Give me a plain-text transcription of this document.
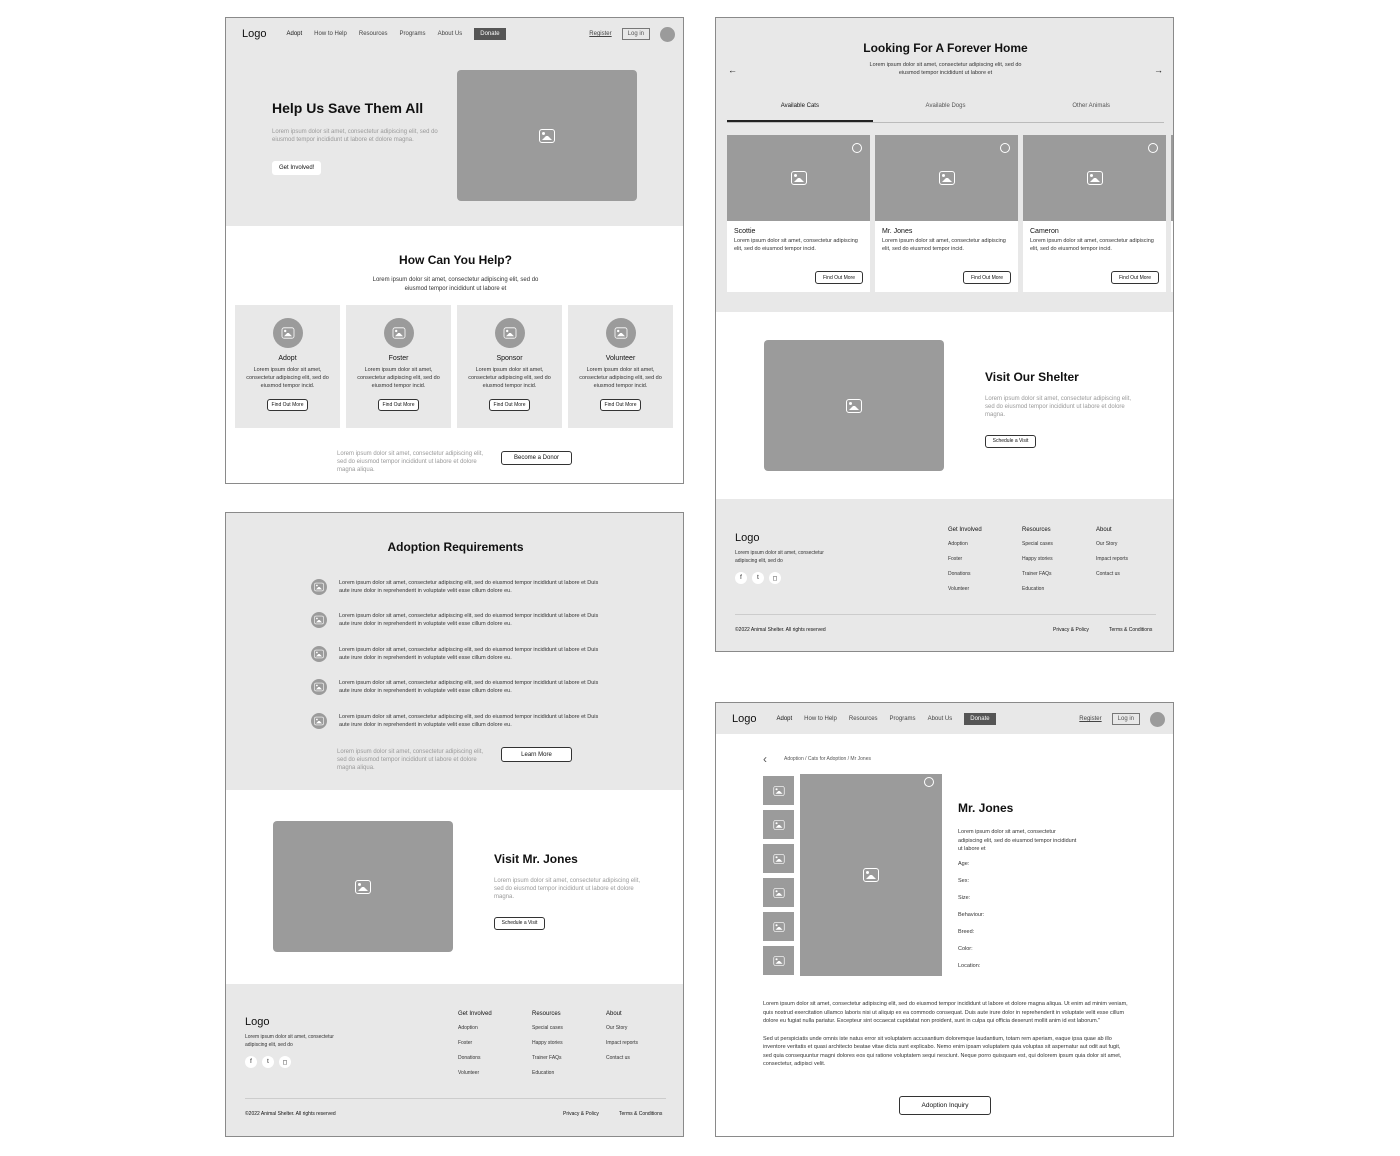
Logo	Adopt How to Help Resources Programs About Us	Donate	Register	Log in
Help Us Save Them All
Lorem ipsum dolor sit amet, consectetur adipiscing elit, sed do eiusmod tempor incididunt ut labore et dolore magna.
Get Involved!
How Can You Help?
Lorem ipsum dolor sit amet, consectetur adipiscing elit, sed do eiusmod tempor incididunt ut labore et
Adopt
Lorem ipsum dolor sit amet, consectetur adipiscing elit, sed do eiusmod tempor incid.
Find Out More
Foster
Lorem ipsum dolor sit amet, consectetur adipiscing elit, sed do eiusmod tempor incid.
Find Out More
Sponsor
Lorem ipsum dolor sit amet, consectetur adipiscing elit, sed do eiusmod tempor incid.
Find Out More
Volunteer
Lorem ipsum dolor sit amet, consectetur adipiscing elit, sed do eiusmod tempor incid.
Find Out More
Lorem ipsum dolor sit amet, consectetur adipiscing elit, sed do eiusmod tempor incididunt ut labore et dolore magna aliqua.
Become a Donor
Looking For A Forever Home
Lorem ipsum dolor sit amet, consectetur adipiscing elit, sed do eiusmod tempor incididunt ut labore et
←	→
Available Cats	Available Dogs	Other Animals
Scottie
Lorem ipsum dolor sit amet, consectetur adipiscing elit, sed do eiusmod tempor incid.
Find Out More
Mr. Jones
Lorem ipsum dolor sit amet, consectetur adipiscing elit, sed do eiusmod tempor incid.
Find Out More
Cameron
Lorem ipsum dolor sit amet, consectetur adipiscing elit, sed do eiusmod tempor incid.
Find Out More
Visit Our Shelter
Lorem ipsum dolor sit amet, consectetur adipiscing elit, sed do eiusmod tempor incididunt ut labore et dolore magna.
Schedule a Visit
Logo
Lorem ipsum dolor sit amet, consectetur adipiscing elit, sed do
f	t	◻
Get Involved
Adoption
Foster
Donations
Volunteer
Resources
Special cases
Happy stories
Trainer FAQs
Education
About
Our Story
Impact reports
Contact us
©2022 Animal Shelter. All rights reserved	Privacy & Policy	Terms & Conditions
Adoption Requirements
Lorem ipsum dolor sit amet, consectetur adipiscing elit, sed do eiusmod tempor incididunt ut labore et Duis aute irure dolor in reprehenderit in voluptate velit esse cillum dolore eu.
Lorem ipsum dolor sit amet, consectetur adipiscing elit, sed do eiusmod tempor incididunt ut labore et Duis aute irure dolor in reprehenderit in voluptate velit esse cillum dolore eu.
Lorem ipsum dolor sit amet, consectetur adipiscing elit, sed do eiusmod tempor incididunt ut labore et Duis aute irure dolor in reprehenderit in voluptate velit esse cillum dolore eu.
Lorem ipsum dolor sit amet, consectetur adipiscing elit, sed do eiusmod tempor incididunt ut labore et Duis aute irure dolor in reprehenderit in voluptate velit esse cillum dolore eu.
Lorem ipsum dolor sit amet, consectetur adipiscing elit, sed do eiusmod tempor incididunt ut labore et Duis aute irure dolor in reprehenderit in voluptate velit esse cillum dolore eu.
Lorem ipsum dolor sit amet, consectetur adipiscing elit, sed do eiusmod tempor incididunt ut labore et dolore magna aliqua.
Learn More
Visit Mr. Jones
Lorem ipsum dolor sit amet, consectetur adipiscing elit, sed do eiusmod tempor incididunt ut labore et dolore magna.
Schedule a Visit
Logo
Lorem ipsum dolor sit amet, consectetur adipiscing elit, sed do
f	t	◻
Get Involved
Adoption
Foster
Donations
Volunteer
Resources
Special cases
Happy stories
Trainer FAQs
Education
About
Our Story
Impact reports
Contact us
©2022 Animal Shelter. All rights reserved	Privacy & Policy	Terms & Conditions
Logo	Adopt How to Help Resources Programs About Us	Donate	Register	Log in
‹	Adoption / Cats for Adoption / Mr Jones
Mr. Jones
Lorem ipsum dolor sit amet, consectetur adipiscing elit, sed do eiusmod tempor incididunt ut labore et
Age:
Sex:
Size:
Behaviour:
Breed:
Color:
Location:
Lorem ipsum dolor sit amet, consectetur adipiscing elit, sed do eiusmod tempor incididunt ut labore et dolore magna aliqua. Ut enim ad minim veniam, quis nostrud exercitation ullamco laboris nisi ut aliquip ex ea commodo consequat. Duis aute irure dolor in reprehenderit in voluptate velit esse cillum dolore eu fugiat nulla pariatur. Excepteur sint occaecat cupidatat non proident, sunt in culpa qui officia deserunt mollit anim id est laborum."
Sed ut perspiciatis unde omnis iste natus error sit voluptatem accusantium doloremque laudantium, totam rem aperiam, eaque ipsa quae ab illo inventore veritatis et quasi architecto beatae vitae dicta sunt explicabo. Nemo enim ipsam voluptatem quia voluptas sit aspernatur aut odit aut fugit, sed quia consequuntur magni dolores eos qui ratione voluptatem sequi nesciunt. Neque porro quisquam est, qui dolorem ipsum quia dolor sit amet, consectetur, adipisci velit.
Adoption Inquiry
